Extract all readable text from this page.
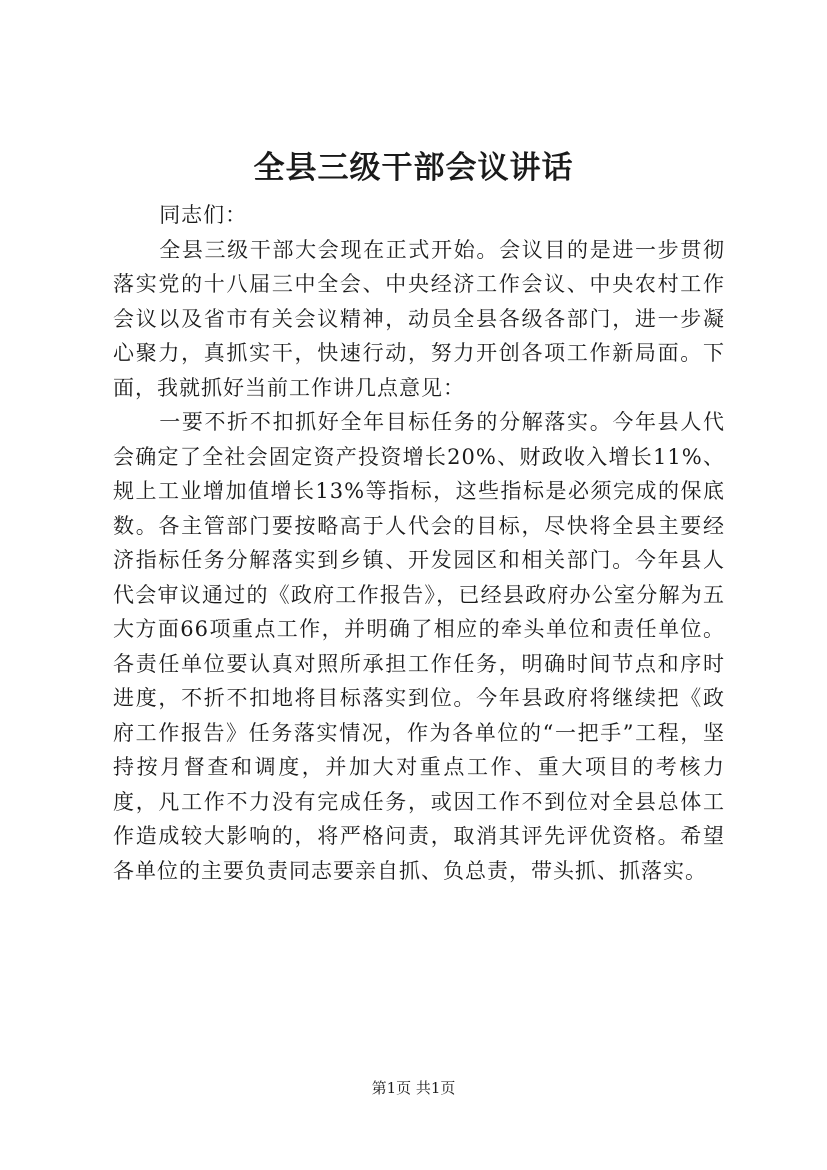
全县三级干部会议讲话

同志们：

全县三级干部大会现在正式开始。会议目的是进一步贯彻落实党的十八届三中全会、中央经济工作会议、中央农村工作会议以及省市有关会议精神，动员全县各级各部门，进一步凝心聚力，真抓实干，快速行动，努力开创各项工作新局面。下面，我就抓好当前工作讲几点意见：

一要不折不扣抓好全年目标任务的分解落实。今年县人代会确定了全社会固定资产投资增长20%、财政收入增长11%、规上工业增加值增长13%等指标，这些指标是必须完成的保底数。各主管部门要按略高于人代会的目标，尽快将全县主要经济指标任务分解落实到乡镇、开发园区和相关部门。今年县人代会审议通过的《政府工作报告》，已经县政府办公室分解为五大方面66项重点工作，并明确了相应的牵头单位和责任单位。各责任单位要认真对照所承担工作任务，明确时间节点和序时进度，不折不扣地将目标落实到位。今年县政府将继续把《政府工作报告》任务落实情况，作为各单位的“一把手”工程，坚持按月督查和调度，并加大对重点工作、重大项目的考核力度，凡工作不力没有完成任务，或因工作不到位对全县总体工作造成较大影响的，将严格问责，取消其评先评优资格。希望各单位的主要负责同志要亲自抓、负总责，带头抓、抓落实。

第1页 共1页
